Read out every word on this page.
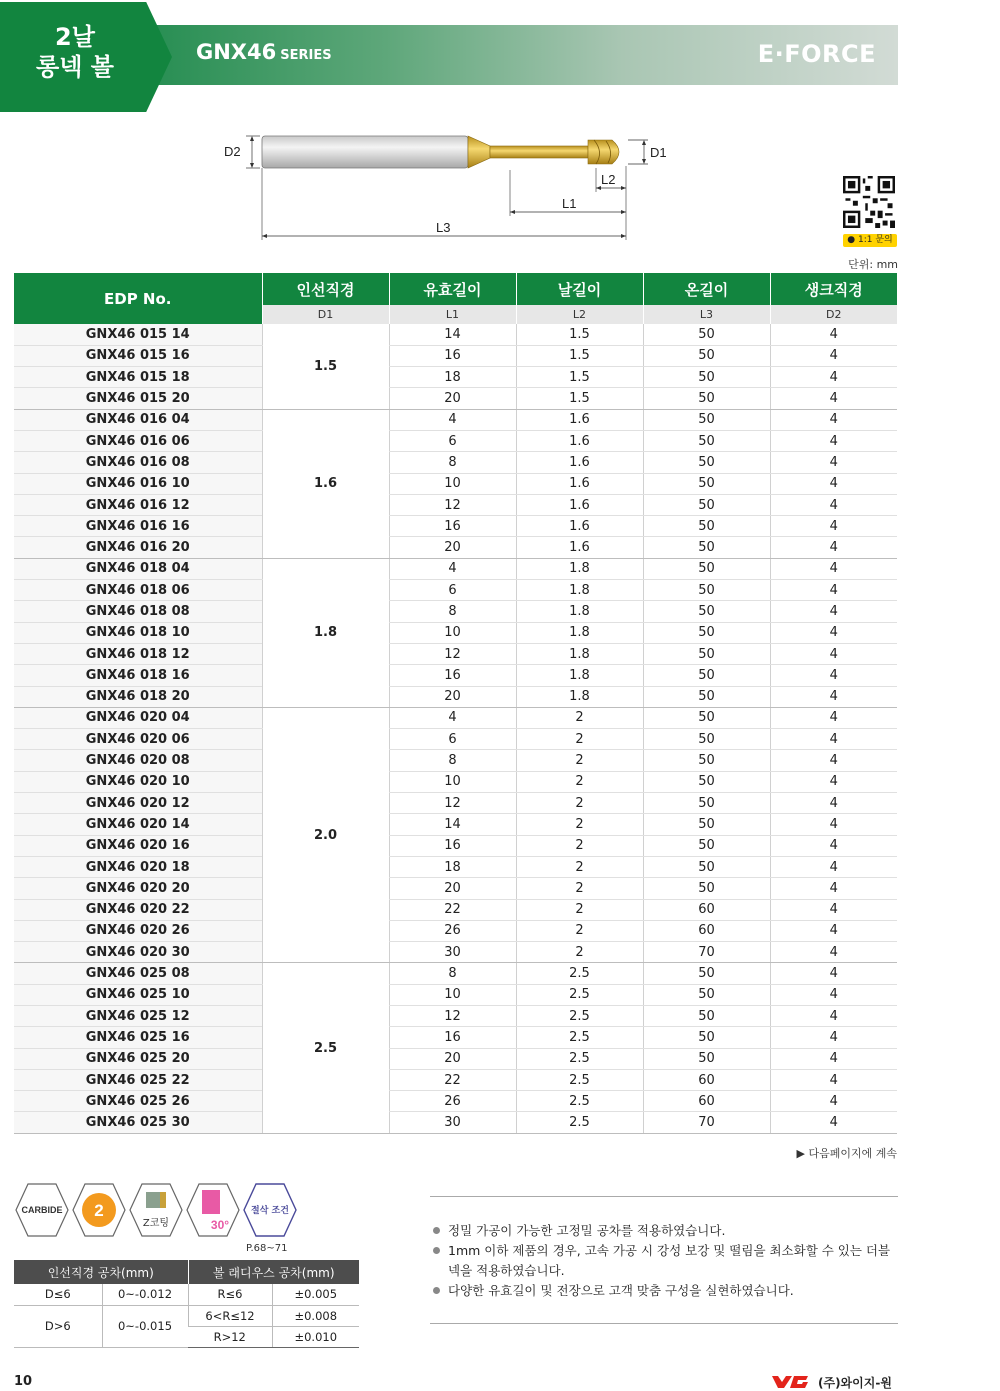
2날
롱넥 볼
GNX46 SERIES	E·FORCE
D2	D1
L2
L1
L3
● 1:1 문의
단위: mm
EDP No.	인선직경	유효길이	날길이	온길이	생크직경
	D1	L1	L2	L3	D2
GNX46 015 14	1.5	14	1.5	50	4
GNX46 015 16		16	1.5	50	4
GNX46 015 18		18	1.5	50	4
GNX46 015 20		20	1.5	50	4
GNX46 016 04	1.6	4	1.6	50	4
GNX46 016 06		6	1.6	50	4
GNX46 016 08		8	1.6	50	4
GNX46 016 10		10	1.6	50	4
GNX46 016 12		12	1.6	50	4
GNX46 016 16		16	1.6	50	4
GNX46 016 20		20	1.6	50	4
GNX46 018 04	1.8	4	1.8	50	4
GNX46 018 06		6	1.8	50	4
GNX46 018 08		8	1.8	50	4
GNX46 018 10		10	1.8	50	4
GNX46 018 12		12	1.8	50	4
GNX46 018 16		16	1.8	50	4
GNX46 018 20		20	1.8	50	4
GNX46 020 04	2.0	4	2	50	4
GNX46 020 06		6	2	50	4
GNX46 020 08		8	2	50	4
GNX46 020 10		10	2	50	4
GNX46 020 12		12	2	50	4
GNX46 020 14		14	2	50	4
GNX46 020 16		16	2	50	4
GNX46 020 18		18	2	50	4
GNX46 020 20		20	2	50	4
GNX46 020 22		22	2	60	4
GNX46 020 26		26	2	60	4
GNX46 020 30		30	2	70	4
GNX46 025 08	2.5	8	2.5	50	4
GNX46 025 10		10	2.5	50	4
GNX46 025 12		12	2.5	50	4
GNX46 025 16		16	2.5	50	4
GNX46 025 20		20	2.5	50	4
GNX46 025 22		22	2.5	60	4
GNX46 025 26		26	2.5	60	4
GNX46 025 30		30	2.5	70	4
▶ 다음페이지에 계속
CARBIDE 2
Z코팅	30°
절삭 조건
P.68~71
인선직경 공차(mm)		볼 래디우스 공차(mm)	
D≤6	0~-0.012	R≤6	±0.005
D>6	0~-0.015	6<R≤12	±0.008
		R>12	±0.010
정밀 가공이 가능한 고정밀 공차를 적용하였습니다.
1mm 이하 제품의 경우, 고속 가공 시 강성 보강 및 떨림을 최소화할 수 있는 더블넥을 적용하였습니다.
다양한 유효길이 및 전장으로 고객 맞춤 구성을 실현하였습니다.
10	(주)와이지-원
